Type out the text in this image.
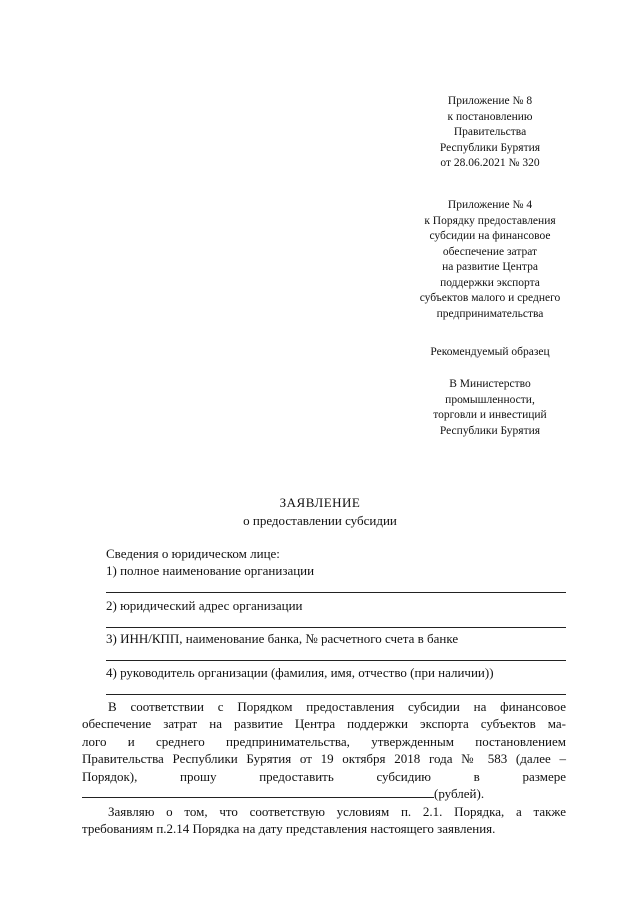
Приложение № 8
к постановлению
Правительства
Республики Бурятия
от 28.06.2021 № 320
Приложение № 4
к Порядку предоставления
субсидии на финансовое
обеспечение затрат
на развитие Центра
поддержки экспорта
субъектов малого и среднего
предпринимательства
Рекомендуемый образец
В Министерство
промышленности,
торговли и инвестиций
Республики Бурятия
ЗАЯВЛЕНИЕ
о предоставлении субсидии
Сведения о юридическом лице:
1) полное наименование организации
2) юридический адрес организации
3) ИНН/КПП, наименование банка, № расчетного счета в банке
4) руководитель организации (фамилия, имя, отчество (при наличии))
В соответствии с Порядком предоставления субсидии на финансовое
обеспечение затрат на развитие Центра поддержки экспорта субъектов ма-
лого и среднего предпринимательства, утвержденным постановлением
Правительства Республики Бурятия от 19 октября 2018 года № 583 (далее –
Порядок), прошу предоставить субсидию в размере
(рублей).
Заявляю о том, что соответствую условиям п. 2.1. Порядка, а также
требованиям п.2.14 Порядка на дату представления настоящего заявления.
